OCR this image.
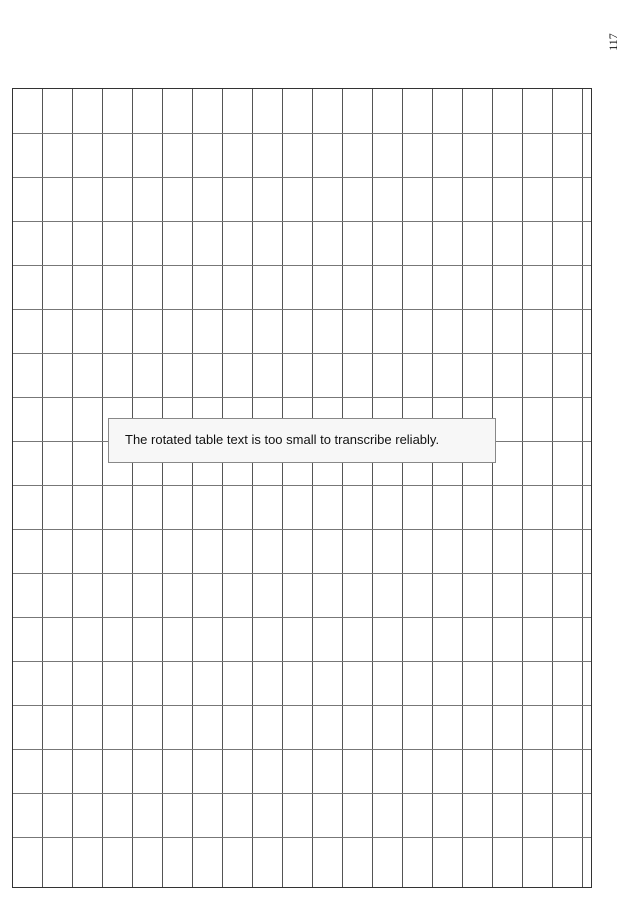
117
The rotated table text is too small to transcribe reliably.
